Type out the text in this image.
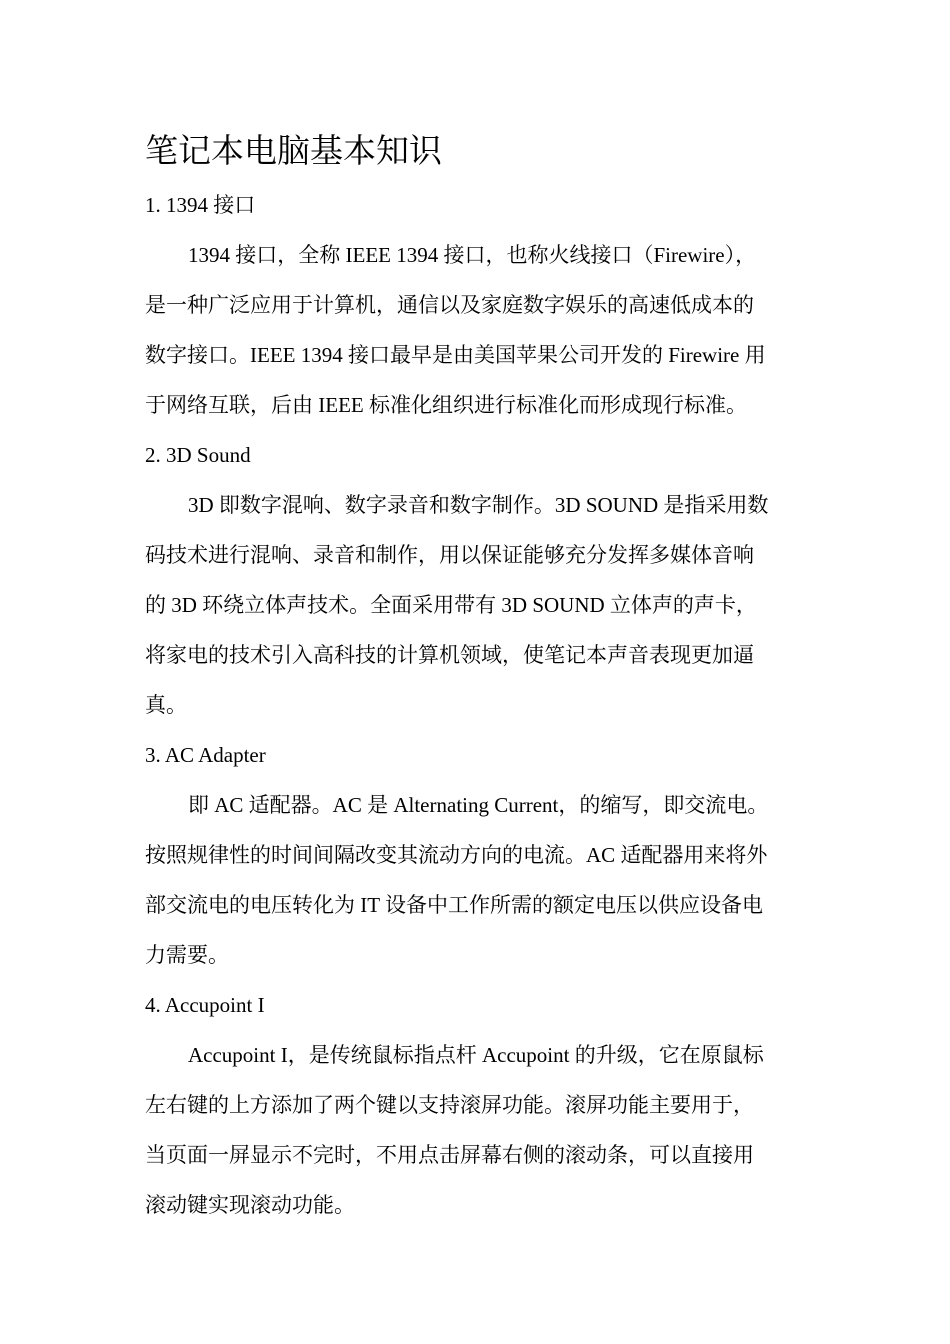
笔记本电脑基本知识
1. 1394 接口
1394 接口，全称 IEEE 1394 接口，也称火线接口（Firewire），
是一种广泛应用于计算机，通信以及家庭数字娱乐的高速低成本的
数字接口。IEEE 1394 接口最早是由美国苹果公司开发的 Firewire 用
于网络互联，后由 IEEE 标准化组织进行标准化而形成现行标准。
2. 3D Sound
3D 即数字混响、数字录音和数字制作。3D SOUND 是指采用数
码技术进行混响、录音和制作，用以保证能够充分发挥多媒体音响
的 3D 环绕立体声技术。全面采用带有 3D SOUND 立体声的声卡，
将家电的技术引入高科技的计算机领域，使笔记本声音表现更加逼
真。
3. AC Adapter
即 AC 适配器。AC 是 Alternating Current，的缩写，即交流电。
按照规律性的时间间隔改变其流动方向的电流。AC 适配器用来将外
部交流电的电压转化为 IT 设备中工作所需的额定电压以供应设备电
力需要。
4. Accupoint I
Accupoint I，是传统鼠标指点杆 Accupoint 的升级，它在原鼠标
左右键的上方添加了两个键以支持滚屏功能。滚屏功能主要用于，
当页面一屏显示不完时，不用点击屏幕右侧的滚动条，可以直接用
滚动键实现滚动功能。
